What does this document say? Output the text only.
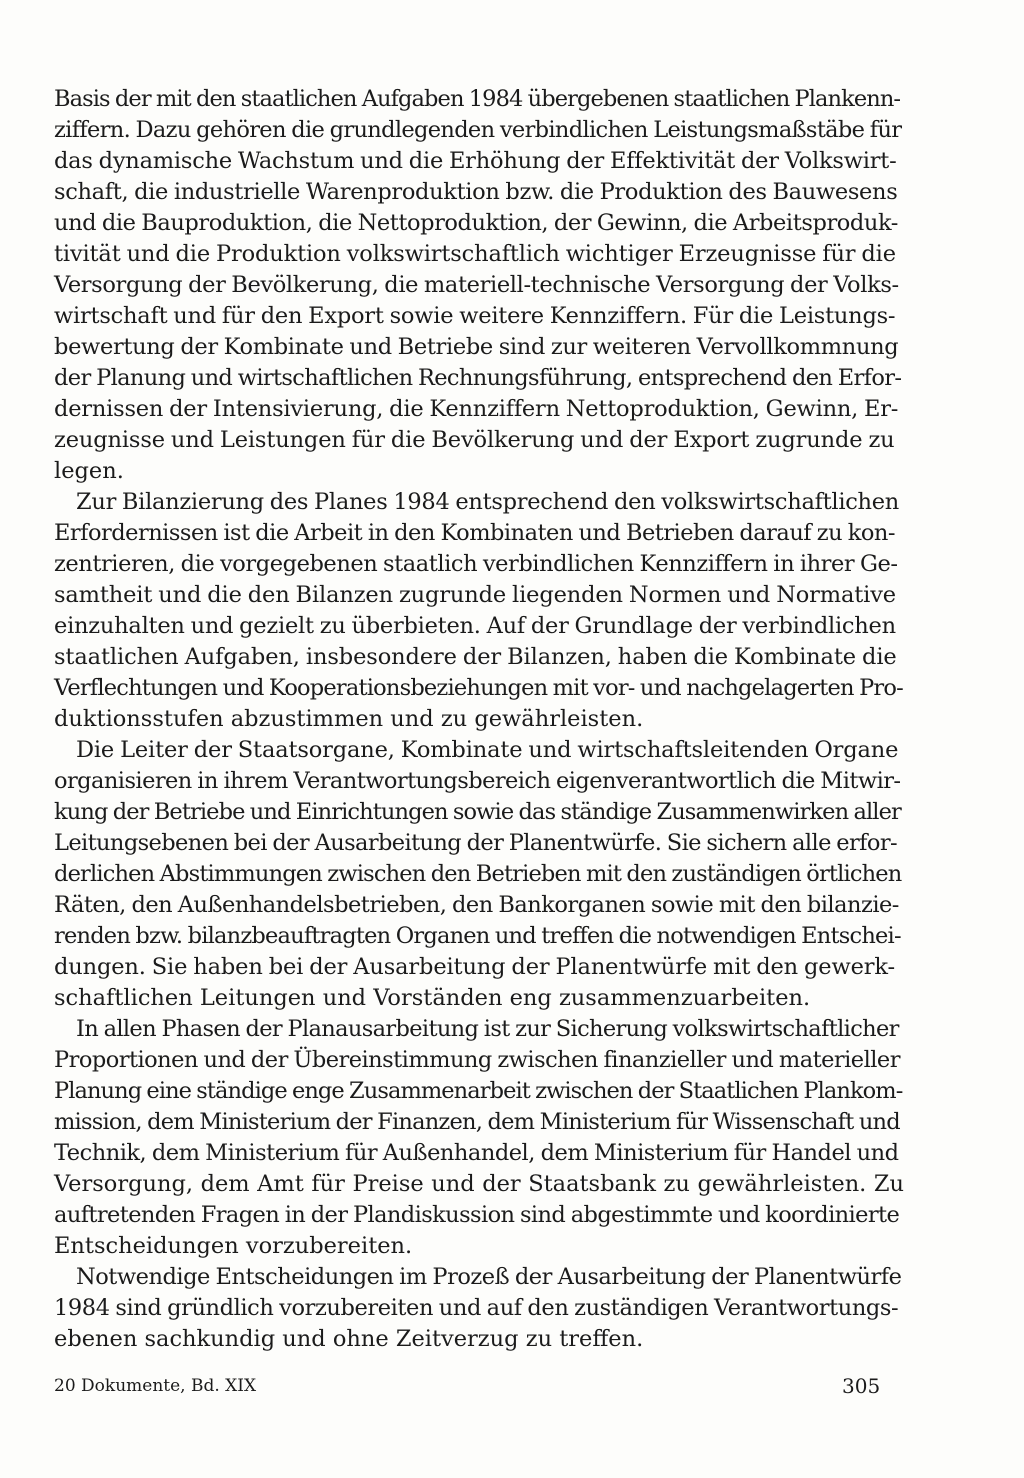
Basis der mit den staatlichen Aufgaben 1984 übergebenen staatlichen Plankenn-
ziffern. Dazu gehören die grundlegenden verbindlichen Leistungsmaßstäbe für
das dynamische Wachstum und die Erhöhung der Effektivität der Volkswirt-
schaft, die industrielle Warenproduktion bzw. die Produktion des Bauwesens
und die Bauproduktion, die Nettoproduktion, der Gewinn, die Arbeitsproduk-
tivität und die Produktion volkswirtschaftlich wichtiger Erzeugnisse für die
Versorgung der Bevölkerung, die materiell-technische Versorgung der Volks-
wirtschaft und für den Export sowie weitere Kennziffern. Für die Leistungs-
bewertung der Kombinate und Betriebe sind zur weiteren Vervollkommnung
der Planung und wirtschaftlichen Rechnungsführung, entsprechend den Erfor-
dernissen der Intensivierung, die Kennziffern Nettoproduktion, Gewinn, Er-
zeugnisse und Leistungen für die Bevölkerung und der Export zugrunde zu
legen.
Zur Bilanzierung des Planes 1984 entsprechend den volkswirtschaftlichen
Erfordernissen ist die Arbeit in den Kombinaten und Betrieben darauf zu kon-
zentrieren, die vorgegebenen staatlich verbindlichen Kennziffern in ihrer Ge-
samtheit und die den Bilanzen zugrunde liegenden Normen und Normative
einzuhalten und gezielt zu überbieten. Auf der Grundlage der verbindlichen
staatlichen Aufgaben, insbesondere der Bilanzen, haben die Kombinate die
Verflechtungen und Kooperationsbeziehungen mit vor- und nachgelagerten Pro-
duktionsstufen abzustimmen und zu gewährleisten.
Die Leiter der Staatsorgane, Kombinate und wirtschaftsleitenden Organe
organisieren in ihrem Verantwortungsbereich eigenverantwortlich die Mitwir-
kung der Betriebe und Einrichtungen sowie das ständige Zusammenwirken aller
Leitungsebenen bei der Ausarbeitung der Planentwürfe. Sie sichern alle erfor-
derlichen Abstimmungen zwischen den Betrieben mit den zuständigen örtlichen
Räten, den Außenhandelsbetrieben, den Bankorganen sowie mit den bilanzie-
renden bzw. bilanzbeauftragten Organen und treffen die notwendigen Entschei-
dungen. Sie haben bei der Ausarbeitung der Planentwürfe mit den gewerk-
schaftlichen Leitungen und Vorständen eng zusammenzuarbeiten.
In allen Phasen der Planausarbeitung ist zur Sicherung volkswirtschaftlicher
Proportionen und der Übereinstimmung zwischen finanzieller und materieller
Planung eine ständige enge Zusammenarbeit zwischen der Staatlichen Plankom-
mission, dem Ministerium der Finanzen, dem Ministerium für Wissenschaft und
Technik, dem Ministerium für Außenhandel, dem Ministerium für Handel und
Versorgung, dem Amt für Preise und der Staatsbank zu gewährleisten. Zu
auftretenden Fragen in der Plandiskussion sind abgestimmte und koordinierte
Entscheidungen vorzubereiten.
Notwendige Entscheidungen im Prozeß der Ausarbeitung der Planentwürfe
1984 sind gründlich vorzubereiten und auf den zuständigen Verantwortungs-
ebenen sachkundig und ohne Zeitverzug zu treffen.
20 Dokumente, Bd. XIX	305
